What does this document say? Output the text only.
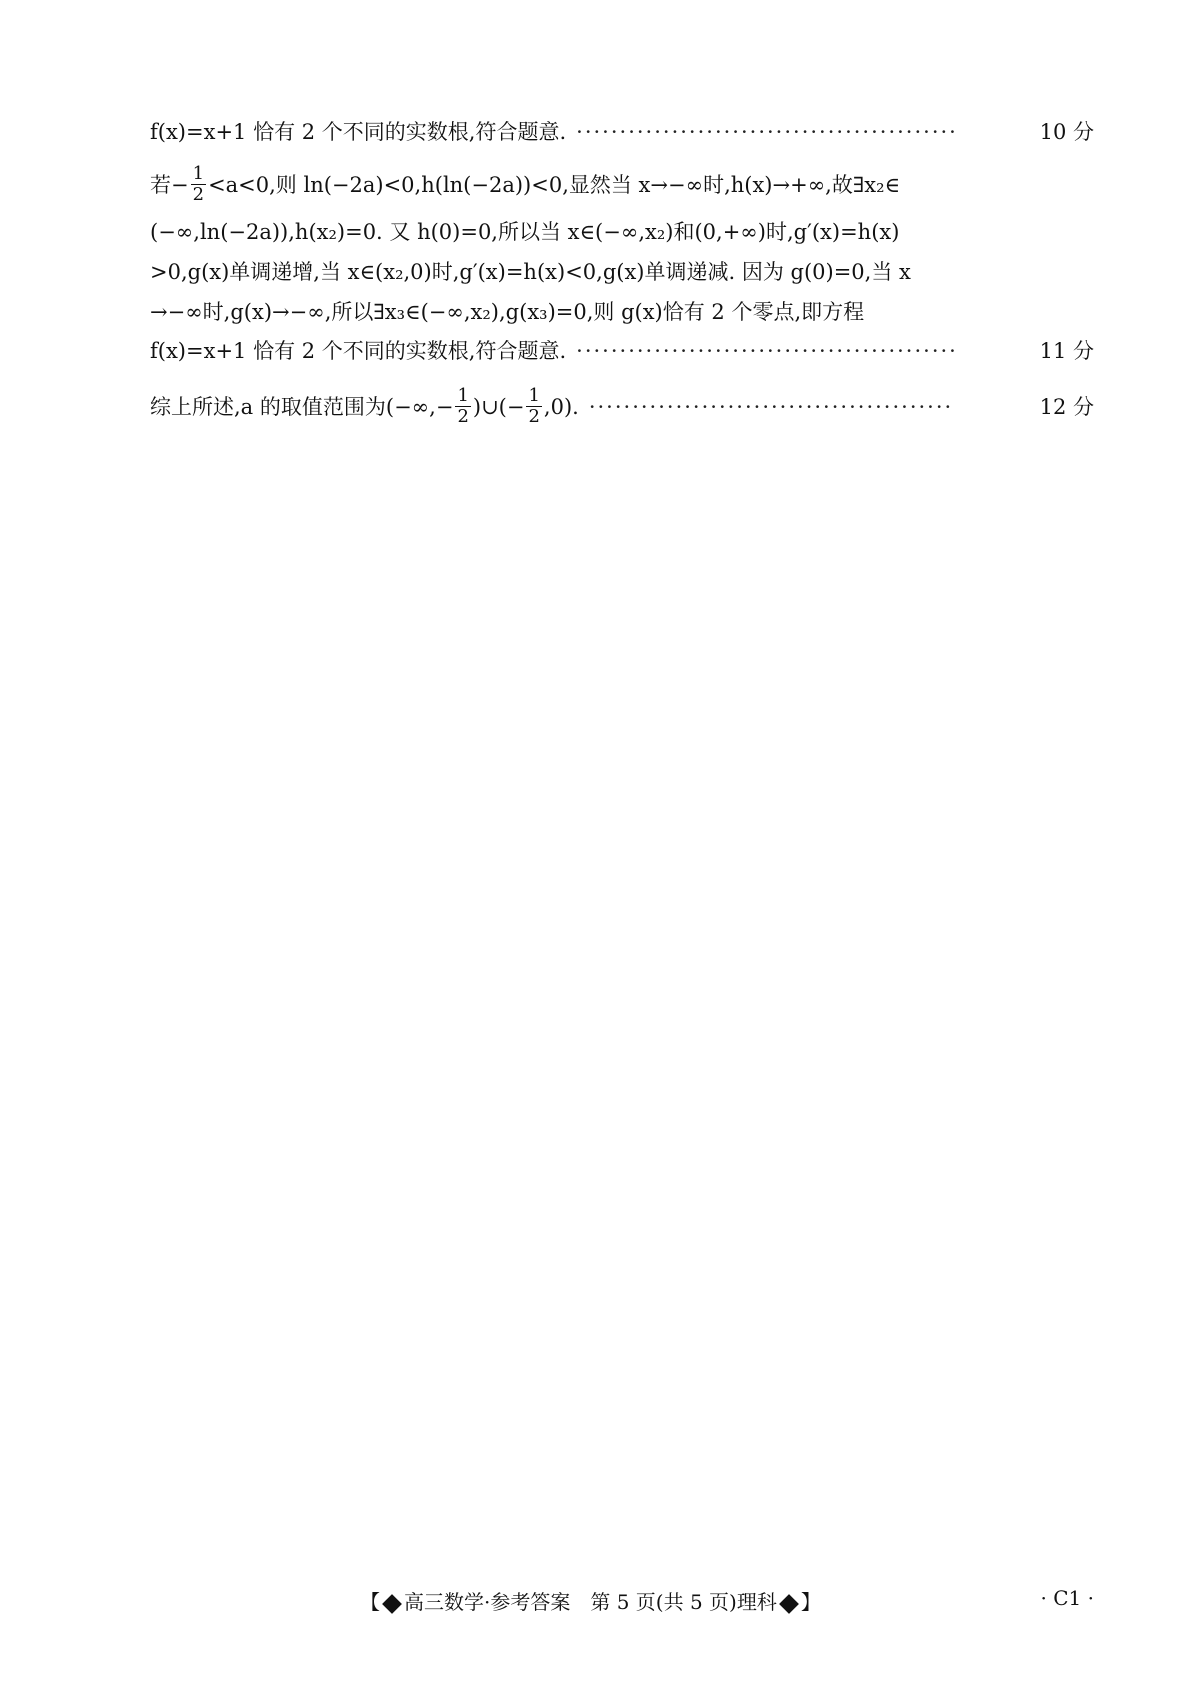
f(x)=x+1 恰有 2 个不同的实数根,符合题意. ············································	10 分
若− $\frac{1}{2} <a<0$,则 ln(−2a)<0,h(ln(−2a))<0,显然当 x→−∞时,h(x)→+∞,故∃x₂∈
(−∞,ln(−2a)),h(x₂)=0. 又 h(0)=0,所以当 x∈(−∞,x₂)和(0,+∞)时,g′(x)=h(x)
>0,g(x)单调递增,当 x∈(x₂,0)时,g′(x)=h(x)<0,g(x)单调递减. 因为 g(0)=0,当 x
→−∞时,g(x)→−∞,所以∃x₃∈(−∞,x₂),g(x₃)=0,则 g(x)恰有 2 个零点,即方程
f(x)=x+1 恰有 2 个不同的实数根,符合题意. ············································	11 分
综上所述,a 的取值范围为(−∞,− $\frac{1}{2}$ )∪(− $\frac{1}{2} ,0$). ··········································	12 分
【 高三数学·参考答案　第 5 页(共 5 页)理科 】	· C1 ·
